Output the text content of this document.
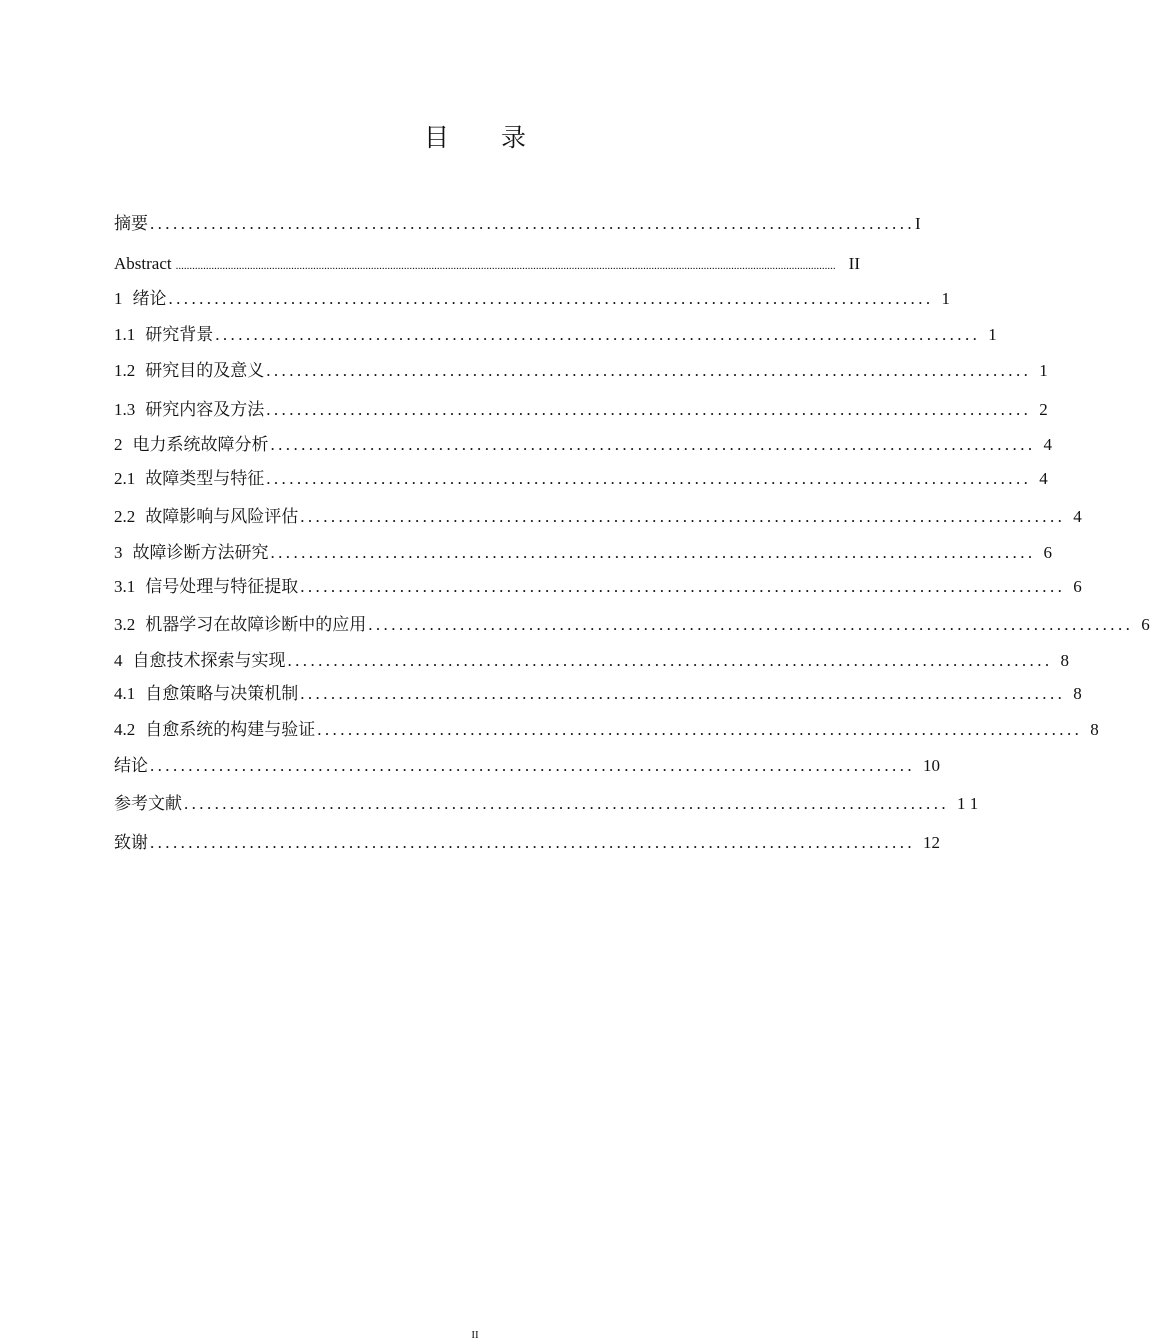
目 录
摘要 .................................................................................................... I
Abstract ................................................................................................................................................................................................................................................ II
1 绪论 .................................................................................................... 1
1.1 研究背景 .................................................................................................... 1
1.2 研究目的及意义 .................................................................................................... 1
1.3 研究内容及方法 .................................................................................................... 2
2 电力系统故障分析 .................................................................................................... 4
2.1 故障类型与特征 .................................................................................................... 4
2.2 故障影响与风险评估 .................................................................................................... 4
3 故障诊断方法研究 .................................................................................................... 6
3.1 信号处理与特征提取 .................................................................................................... 6
3.2 机器学习在故障诊断中的应用 .................................................................................................... 6
4 自愈技术探索与实现 .................................................................................................... 8
4.1 自愈策略与决策机制 .................................................................................................... 8
4.2 自愈系统的构建与验证 .................................................................................................... 8
结论 .................................................................................................... 10
参考文献 .................................................................................................... 1 1
致谢 .................................................................................................... 12
II
